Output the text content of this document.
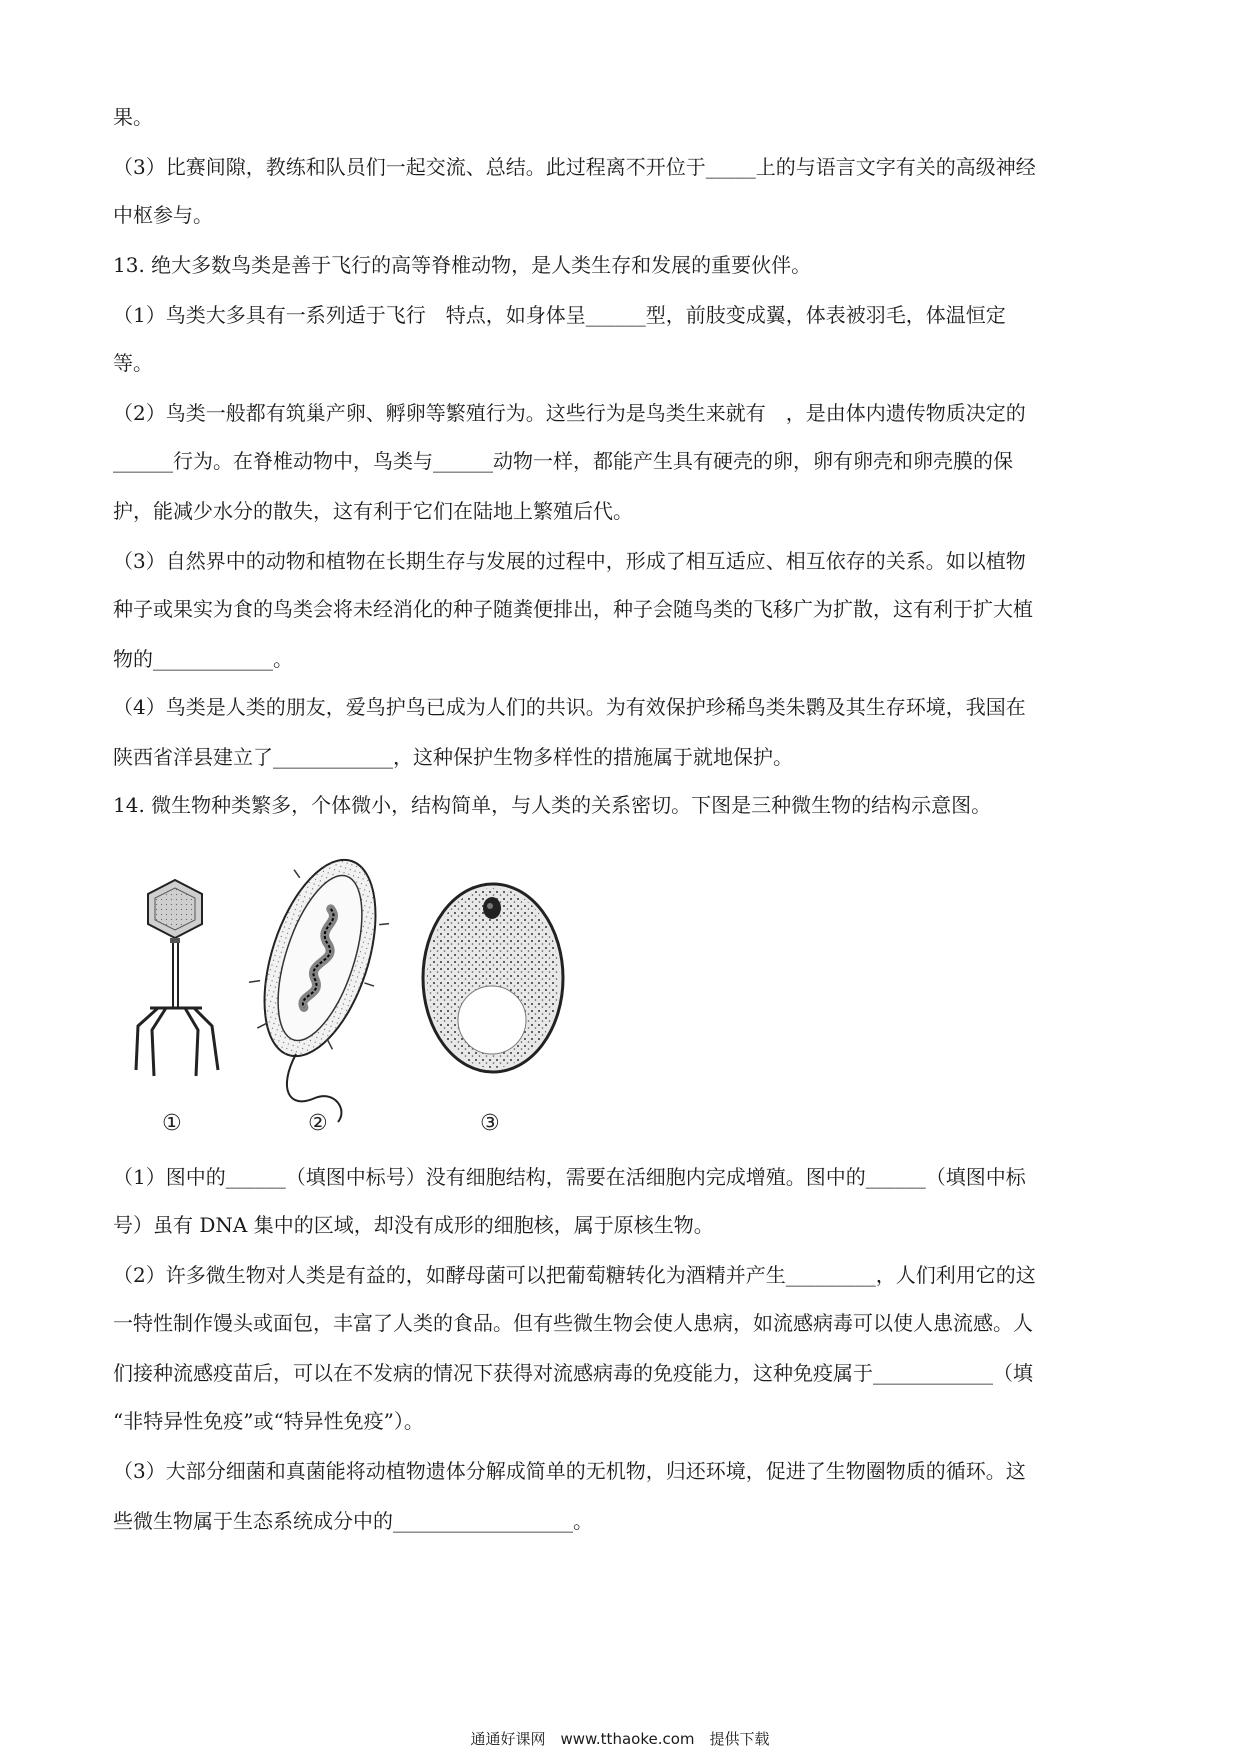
果。
（3）比赛间隙，教练和队员们一起交流、总结。此过程离不开位于_____上的与语言文字有关的高级神经
中枢参与。
13. 绝大多数鸟类是善于飞行的高等脊椎动物，是人类生存和发展的重要伙伴。
（1）鸟类大多具有一系列适于飞行　特点，如身体呈______型，前肢变成翼，体表被羽毛，体温恒定
等。
（2）鸟类一般都有筑巢产卵、孵卵等繁殖行为。这些行为是鸟类生来就有　，是由体内遗传物质决定的
______行为。在脊椎动物中，鸟类与______动物一样，都能产生具有硬壳的卵，卵有卵壳和卵壳膜的保
护，能减少水分的散失，这有利于它们在陆地上繁殖后代。
（3）自然界中的动物和植物在长期生存与发展的过程中，形成了相互适应、相互依存的关系。如以植物
种子或果实为食的鸟类会将未经消化的种子随粪便排出，种子会随鸟类的飞移广为扩散，这有利于扩大植
物的____________。
（4）鸟类是人类的朋友，爱鸟护鸟已成为人们的共识。为有效保护珍稀鸟类朱鹮及其生存环境，我国在
陕西省洋县建立了____________，这种保护生物多样性的措施属于就地保护。
14. 微生物种类繁多，个体微小，结构简单，与人类的关系密切。下图是三种微生物的结构示意图。
①	②	③
（1）图中的______（填图中标号）没有细胞结构，需要在活细胞内完成增殖。图中的______（填图中标
号）虽有 DNA 集中的区域，却没有成形的细胞核，属于原核生物。
（2）许多微生物对人类是有益的，如酵母菌可以把葡萄糖转化为酒精并产生_________，人们利用它的这
一特性制作馒头或面包，丰富了人类的食品。但有些微生物会使人患病，如流感病毒可以使人患流感。人
们接种流感疫苗后，可以在不发病的情况下获得对流感病毒的免疫能力，这种免疫属于____________（填
“非特异性免疫”或“特异性免疫”）。
（3）大部分细菌和真菌能将动植物遗体分解成简单的无机物，归还环境，促进了生物圈物质的循环。这
些微生物属于生态系统成分中的__________________。
通通好课网　www.tthaoke.com　提供下载
